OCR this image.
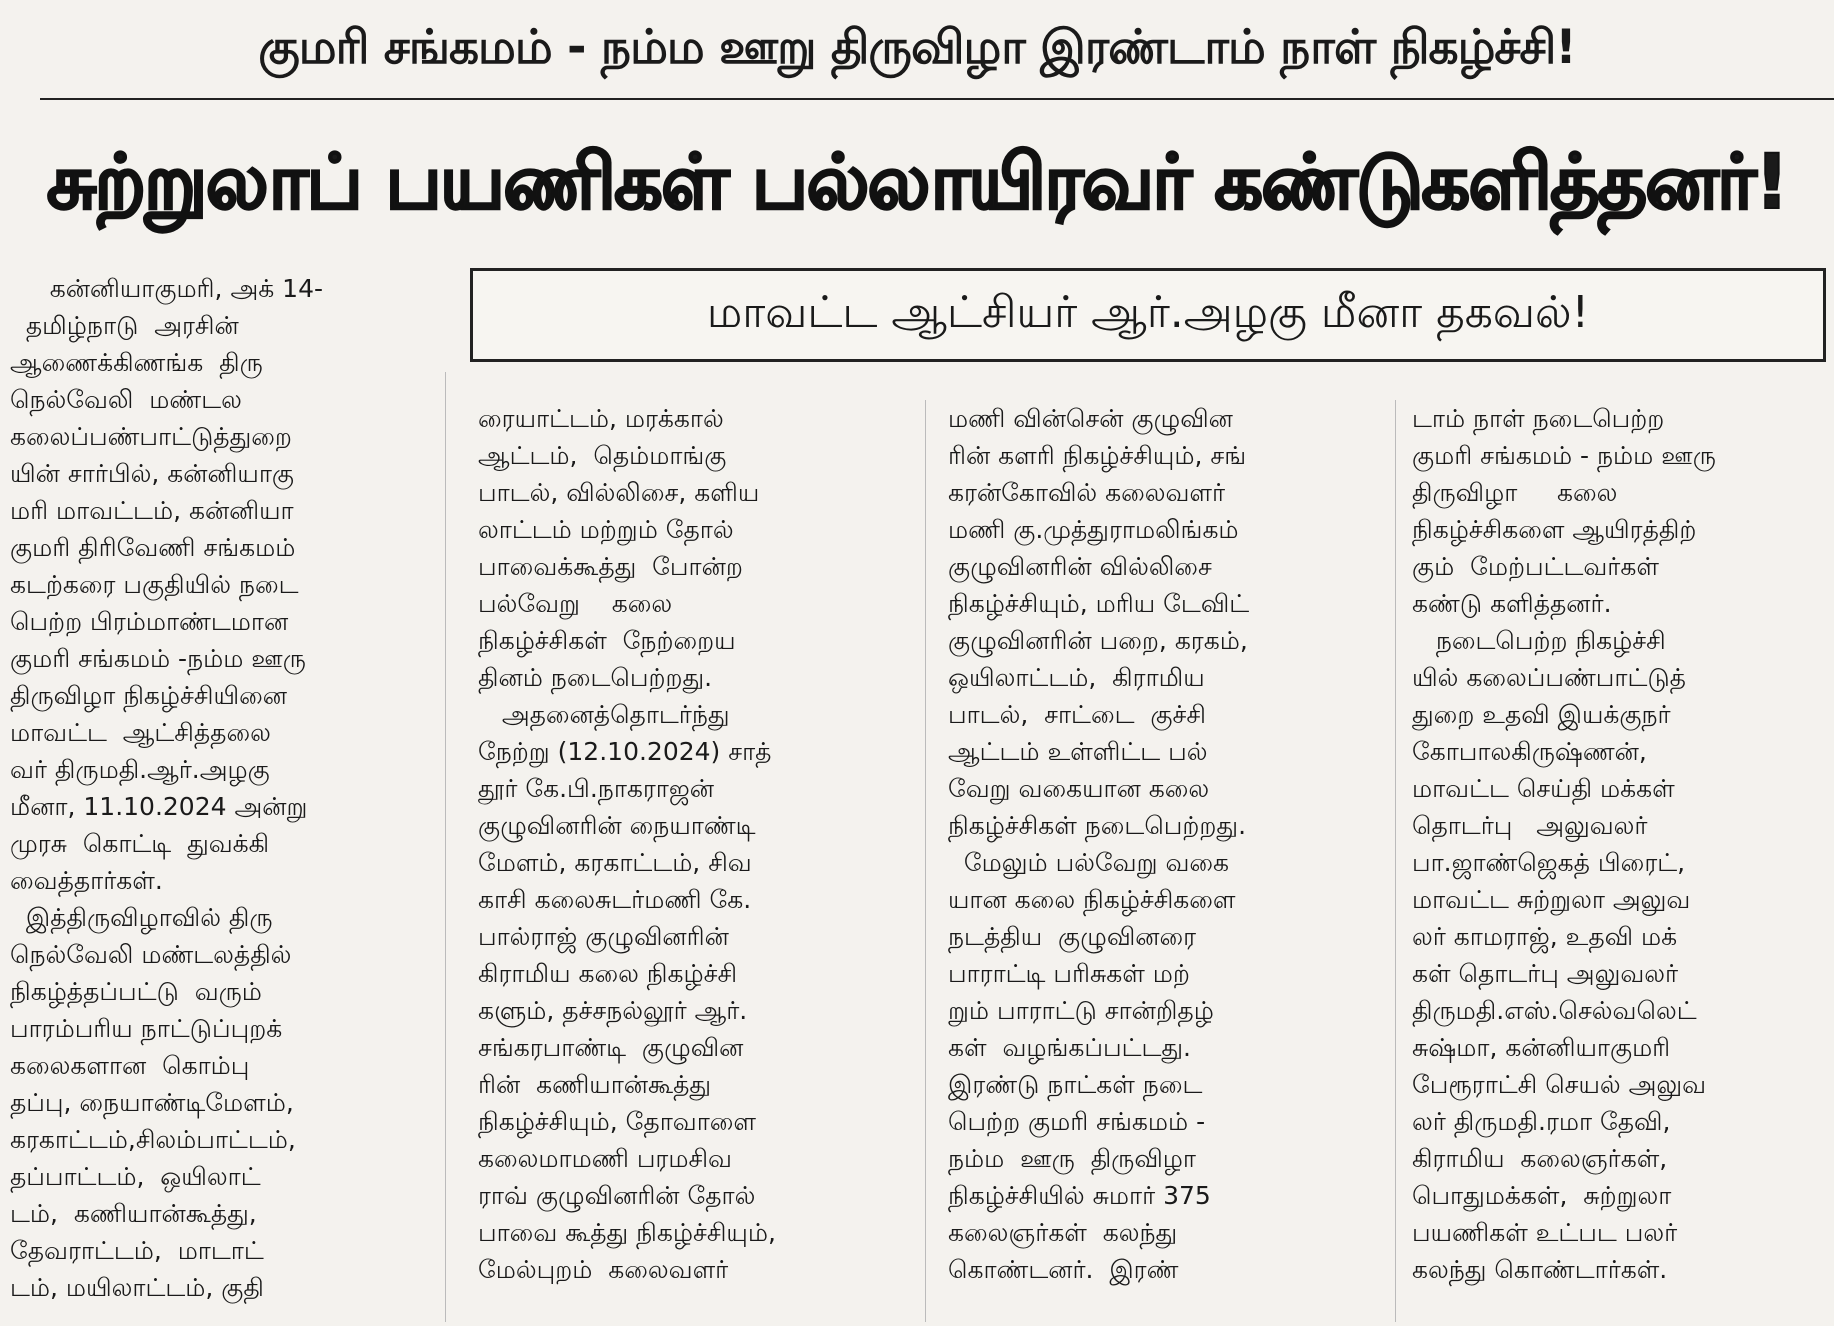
குமரி சங்கமம் - நம்ம ஊறு திருவிழா இரண்டாம் நாள் நிகழ்ச்சி!
சுற்றுலாப் பயணிகள் பல்லாயிரவர் கண்டுகளித்தனர்!
மாவட்ட ஆட்சியர் ஆர்.அழகு மீனா தகவல்!
கன்னியாகுமரி, அக் 14-
தமிழ்நாடு  அரசின்
ஆணைக்கிணங்க  திரு
நெல்வேலி  மண்டல
கலைப்பண்பாட்டுத்துறை
யின் சார்பில், கன்னியாகு
மரி மாவட்டம், கன்னியா
குமரி திரிவேணி சங்கமம்
கடற்கரை பகுதியில் நடை
பெற்ற பிரம்மாண்டமான
குமரி சங்கமம் -நம்ம ஊரு
திருவிழா நிகழ்ச்சியினை
மாவட்ட  ஆட்சித்தலை
வர் திருமதி.ஆர்.அழகு
மீனா, 11.10.2024 அன்று
முரசு  கொட்டி  துவக்கி
வைத்தார்கள்.
இத்திருவிழாவில் திரு
நெல்வேலி மண்டலத்தில்
நிகழ்த்தப்பட்டு  வரும்
பாரம்பரிய நாட்டுப்புறக்
கலைகளான  கொம்பு
தப்பு, நையாண்டிமேளம்,
கரகாட்டம்,சிலம்பாட்டம்,
தப்பாட்டம்,  ஒயிலாட்
டம்,  கணியான்கூத்து,
தேவராட்டம்,  மாடாட்
டம், மயிலாட்டம், குதி
ரையாட்டம், மரக்கால்
ஆட்டம்,  தெம்மாங்கு
பாடல், வில்லிசை, களிய
லாட்டம் மற்றும் தோல்
பாவைக்கூத்து  போன்ற
பல்வேறு    கலை
நிகழ்ச்சிகள்  நேற்றைய
தினம் நடைபெற்றது.
அதனைத்தொடர்ந்து
நேற்று (12.10.2024) சாத்
தூர் கே.பி.நாகராஜன்
குழுவினரின் நையாண்டி
மேளம், கரகாட்டம், சிவ
காசி கலைசுடர்மணி கே.
பால்ராஜ் குழுவினரின்
கிராமிய கலை நிகழ்ச்சி
களும், தச்சநல்லூர் ஆர்.
சங்கரபாண்டி  குழுவின
ரின்  கணியான்கூத்து
நிகழ்ச்சியும், தோவாளை
கலைமாமணி பரமசிவ
ராவ் குழுவினரின் தோல்
பாவை கூத்து நிகழ்ச்சியும்,
மேல்புறம்  கலைவளர்
மணி வின்சென் குழுவின
ரின் களரி நிகழ்ச்சியும், சங்
கரன்கோவில் கலைவளர்
மணி கு.முத்துராமலிங்கம்
குழுவினரின் வில்லிசை
நிகழ்ச்சியும், மரிய டேவிட்
குழுவினரின் பறை, கரகம்,
ஒயிலாட்டம்,  கிராமிய
பாடல்,  சாட்டை  குச்சி
ஆட்டம் உள்ளிட்ட பல்
வேறு வகையான கலை
நிகழ்ச்சிகள் நடைபெற்றது.
மேலும் பல்வேறு வகை
யான கலை நிகழ்ச்சிகளை
நடத்திய  குழுவினரை
பாராட்டி பரிசுகள் மற்
றும் பாராட்டு சான்றிதழ்
கள்  வழங்கப்பட்டது.
இரண்டு நாட்கள் நடை
பெற்ற குமரி சங்கமம் -
நம்ம  ஊரு  திருவிழா
நிகழ்ச்சியில் சுமார் 375
கலைஞர்கள்  கலந்து
கொண்டனர்.  இரண்
டாம் நாள் நடைபெற்ற
குமரி சங்கமம் - நம்ம ஊரு
திருவிழா     கலை
நிகழ்ச்சிகளை ஆயிரத்திற்
கும்  மேற்பட்டவர்கள்
கண்டு களித்தனர்.
நடைபெற்ற நிகழ்ச்சி
யில் கலைப்பண்பாட்டுத்
துறை உதவி இயக்குநர்
கோபாலகிருஷ்ணன்,
மாவட்ட செய்தி மக்கள்
தொடர்பு   அலுவலர்
பா.ஜாண்ஜெகத் பிரைட்,
மாவட்ட சுற்றுலா அலுவ
லர் காமராஜ், உதவி மக்
கள் தொடர்பு அலுவலர்
திருமதி.எஸ்.செல்வலெட்
சுஷ்மா, கன்னியாகுமரி
பேரூராட்சி செயல் அலுவ
லர் திருமதி.ரமா தேவி,
கிராமிய  கலைஞர்கள்,
பொதுமக்கள்,  சுற்றுலா
பயணிகள் உட்பட பலர்
கலந்து கொண்டார்கள்.
